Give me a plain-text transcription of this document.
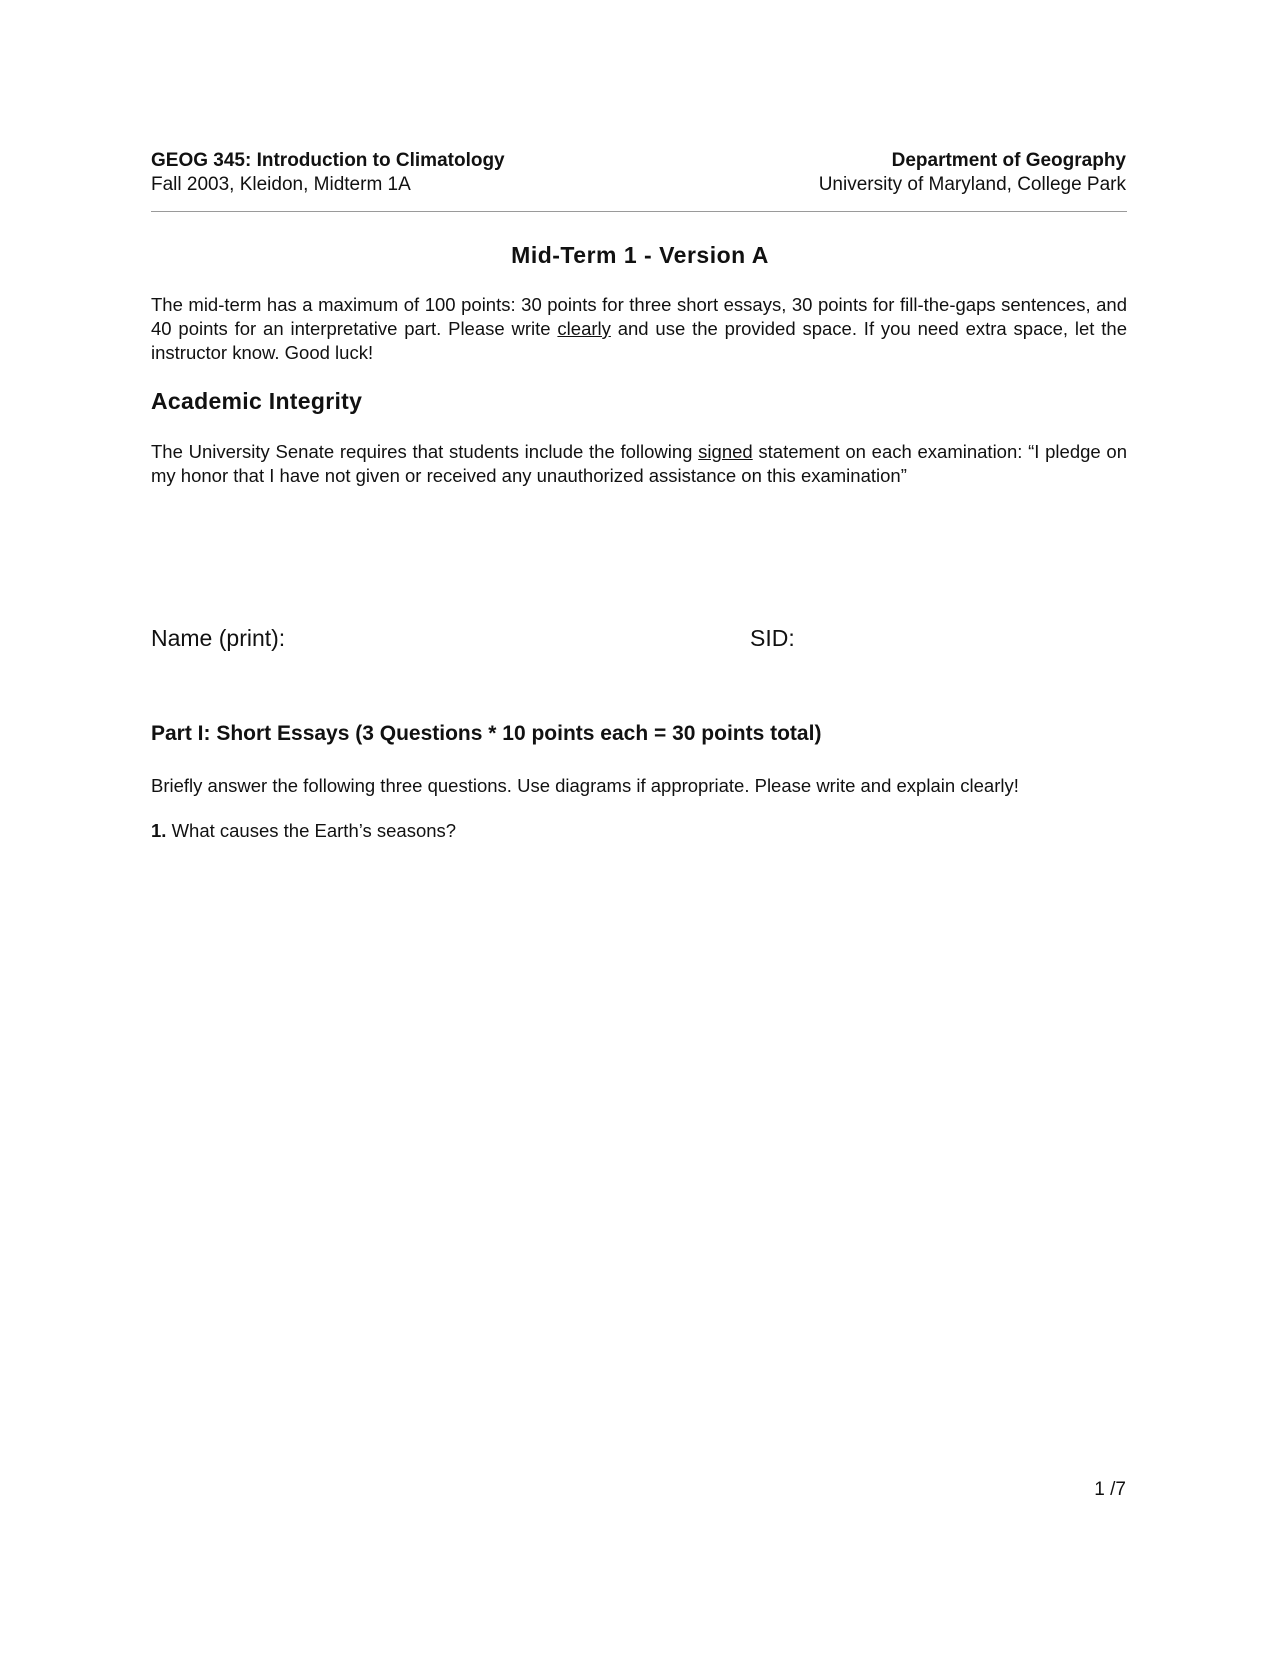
GEOG 345: Introduction to Climatology
Fall 2003, Kleidon, Midterm 1A
Department of Geography
University of Maryland, College Park
Mid-Term 1 - Version A
The mid-term has a maximum of 100 points: 30 points for three short essays, 30 points for fill-the-gaps sentences, and 40 points for an interpretative part. Please write clearly and use the provided space. If you need extra space, let the instructor know. Good luck!
Academic Integrity
The University Senate requires that students include the following signed statement on each examination: “I pledge on my honor that I have not given or received any unauthorized assistance on this examination”
Name (print):	SID:
Part I: Short Essays (3 Questions * 10 points each = 30 points total)
Briefly answer the following three questions. Use diagrams if appropriate. Please write and explain clearly!
1. What causes the Earth’s seasons?
1 /7
